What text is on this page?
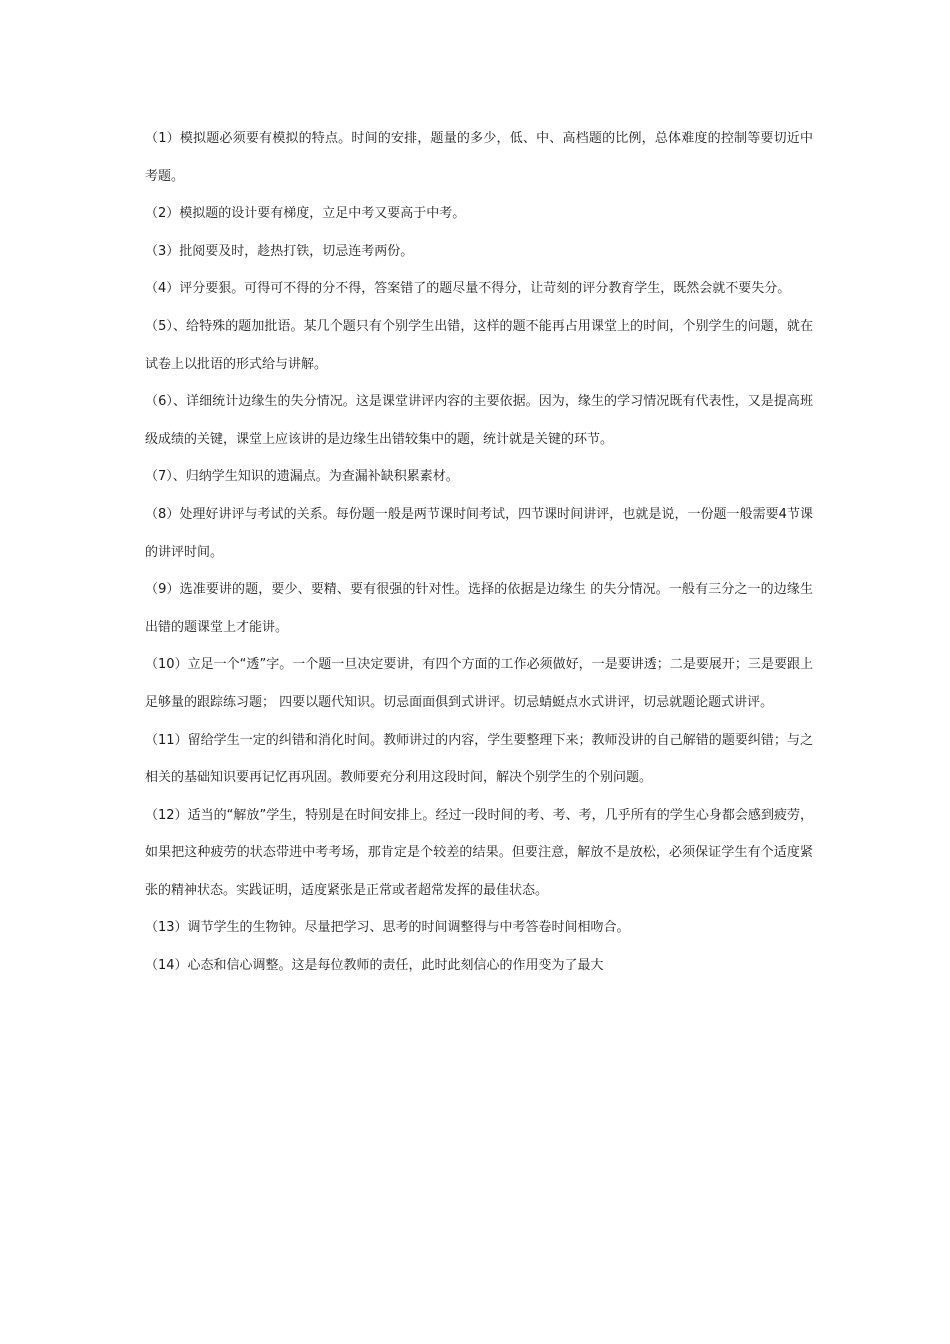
（1）模拟题必须要有模拟的特点。时间的安排，题量的多少，低、中、高档题的比例，总体难度的控制等要切近中考题。

（2）模拟题的设计要有梯度，立足中考又要高于中考。

（3）批阅要及时，趁热打铁，切忌连考两份。

（4）评分要狠。可得可不得的分不得，答案错了的题尽量不得分，让苛刻的评分教育学生，既然会就不要失分。

（5）、给特殊的题加批语。某几个题只有个别学生出错，这样的题不能再占用课堂上的时间，个别学生的问题，就在试卷上以批语的形式给与讲解。

（6）、详细统计边缘生的失分情况。这是课堂讲评内容的主要依据。因为，缘生的学习情况既有代表性，又是提高班级成绩的关键，课堂上应该讲的是边缘生出错较集中的题，统计就是关键的环节。

（7）、归纳学生知识的遗漏点。为查漏补缺积累素材。

（8）处理好讲评与考试的关系。每份题一般是两节课时间考试，四节课时间讲评，也就是说，一份题一般需要4节课的讲评时间。

（9）选准要讲的题，要少、要精、要有很强的针对性。选择的依据是边缘生 的失分情况。一般有三分之一的边缘生出错的题课堂上才能讲。

（10）立足一个“透”字。一个题一旦决定要讲，有四个方面的工作必须做好，一是要讲透；二是要展开；三是要跟上足够量的跟踪练习题； 四要以题代知识。切忌面面俱到式讲评。切忌蜻蜓点水式讲评，切忌就题论题式讲评。

（11）留给学生一定的纠错和消化时间。教师讲过的内容，学生要整理下来；教师没讲的自己解错的题要纠错；与之相关的基础知识要再记忆再巩固。教师要充分利用这段时间，解决个别学生的个别问题。

（12）适当的“解放”学生，特别是在时间安排上。经过一段时间的考、考、考，几乎所有的学生心身都会感到疲劳，如果把这种疲劳的状态带进中考考场，那肯定是个较差的结果。但要注意，解放不是放松，必须保证学生有个适度紧张的精神状态。实践证明，适度紧张是正常或者超常发挥的最佳状态。

（13）调节学生的生物钟。尽量把学习、思考的时间调整得与中考答卷时间相吻合。

（14）心态和信心调整。这是每位教师的责任，此时此刻信心的作用变为了最大
